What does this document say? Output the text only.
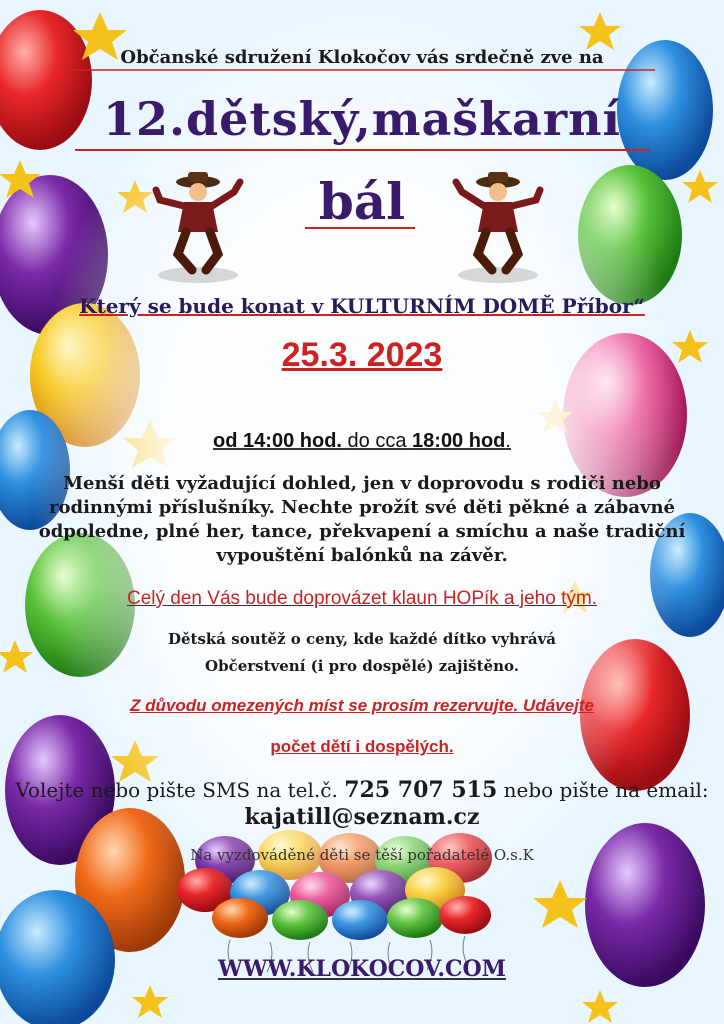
Občanské sdružení Klokočov vás srdečně zve na

12.dětský,maškarní

bál

Který se bude konat v KULTURNÍM DOMĚ Příbor“

25.3. 2023

od 14:00 hod. do cca 18:00 hod.

Menší děti vyžadující dohled, jen v doprovodu s rodiči nebo
rodinnými příslušníky. Nechte prožít své děti pěkné a zábavné
odpoledne, plné her, tance, překvapení a smíchu a naše tradiční
vypouštění balónků na závěr.

Celý den Vás bude doprovázet klaun HOPík a jeho tým.

Dětská soutěž o ceny, kde každé dítko vyhrává

Občerstvení (i pro dospělé) zajištěno.

Z důvodu omezených míst se prosím rezervujte. Udávejte

počet dětí i dospělých.

Volejte nebo pište SMS na tel.č. 725 707 515 nebo pište na email:

kajatill@seznam.cz

Na vyzdováděné děti se těší pořadatelé O.s.K

WWW.KLOKOCOV.COM
